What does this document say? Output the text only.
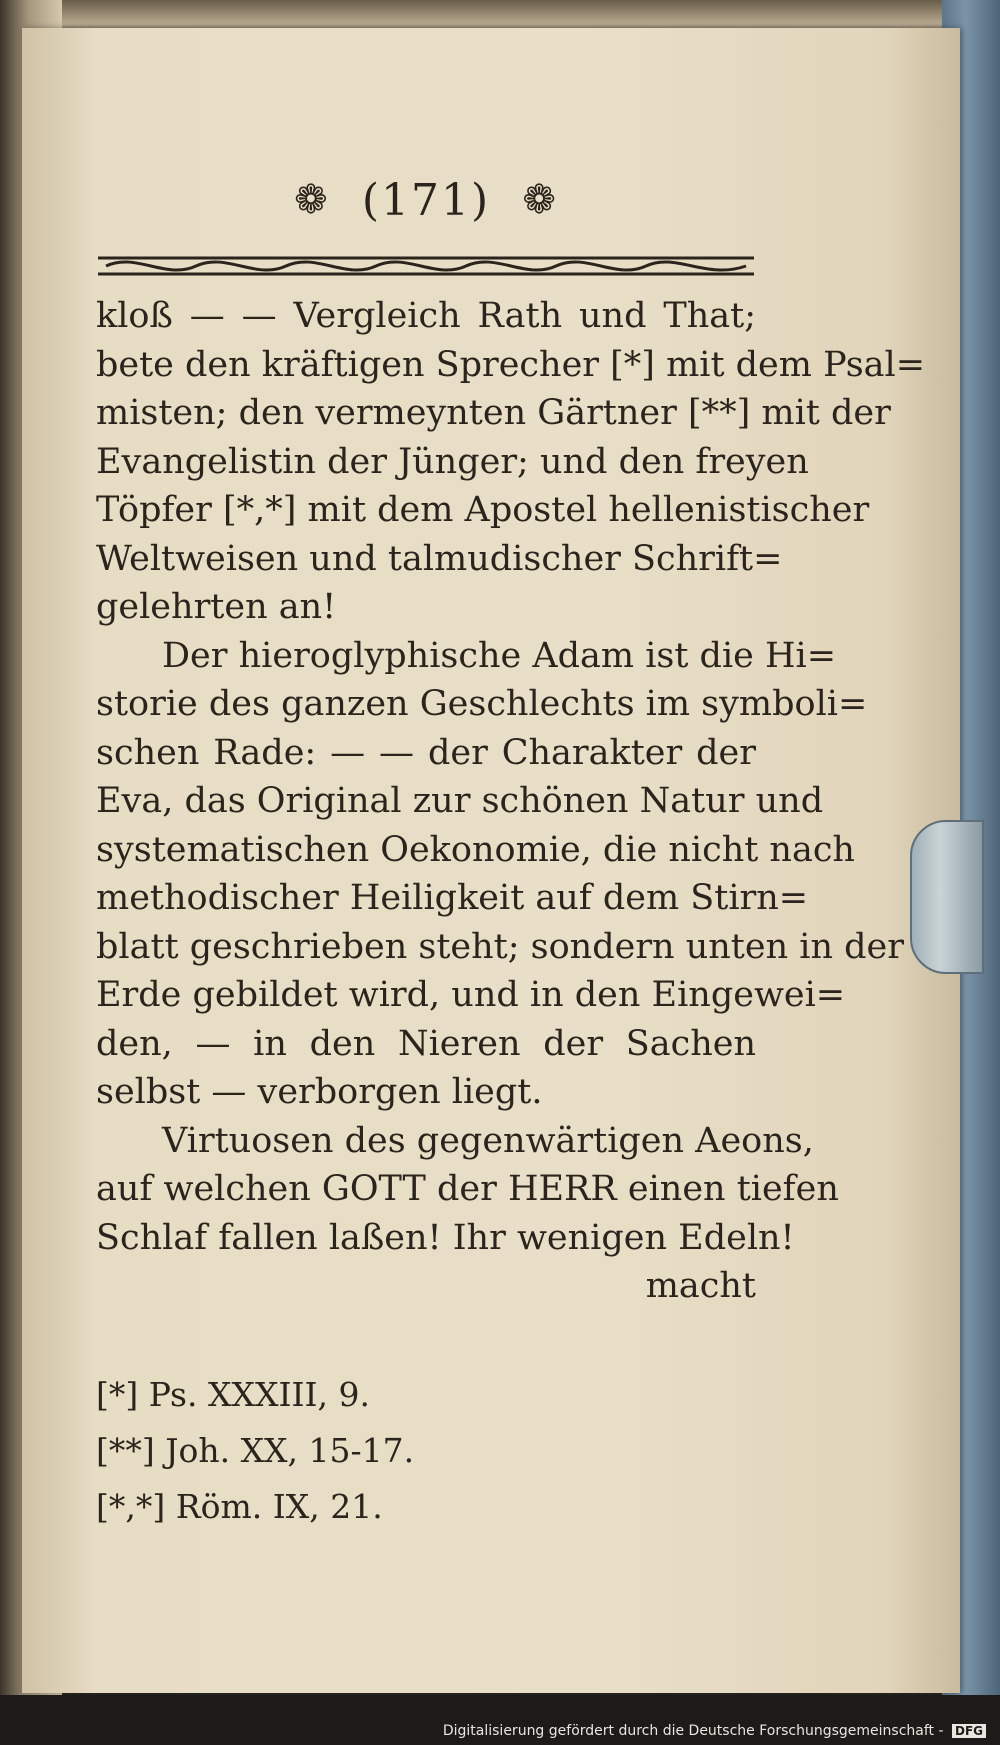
❁ (171) ❁
kloß — — Vergleich Rath und That;
bete den kräftigen Sprecher [*] mit dem Psal=
misten; den vermeynten Gärtner [**] mit der
Evangelistin der Jünger; und den freyen
Töpfer [*,*] mit dem Apostel hellenistischer
Weltweisen und talmudischer Schrift=
gelehrten an!
Der hieroglyphische Adam ist die Hi=
storie des ganzen Geschlechts im symboli=
schen Rade: — — der Charakter der
Eva, das Original zur schönen Natur und
systematischen Oekonomie, die nicht nach
methodischer Heiligkeit auf dem Stirn=
blatt geschrieben steht; sondern unten in der
Erde gebildet wird, und in den Eingewei=
den, — in den Nieren der Sachen
selbst — verborgen liegt.
Virtuosen des gegenwärtigen Aeons,
auf welchen GOTT der HERR einen tiefen
Schlaf fallen laßen! Ihr wenigen Edeln!
macht
[*] Ps. XXXIII, 9.
[**] Joh. XX, 15-17.
[*,*] Röm. IX, 21.
Digitalisierung gefördert durch die Deutsche Forschungsgemeinschaft - DFG
